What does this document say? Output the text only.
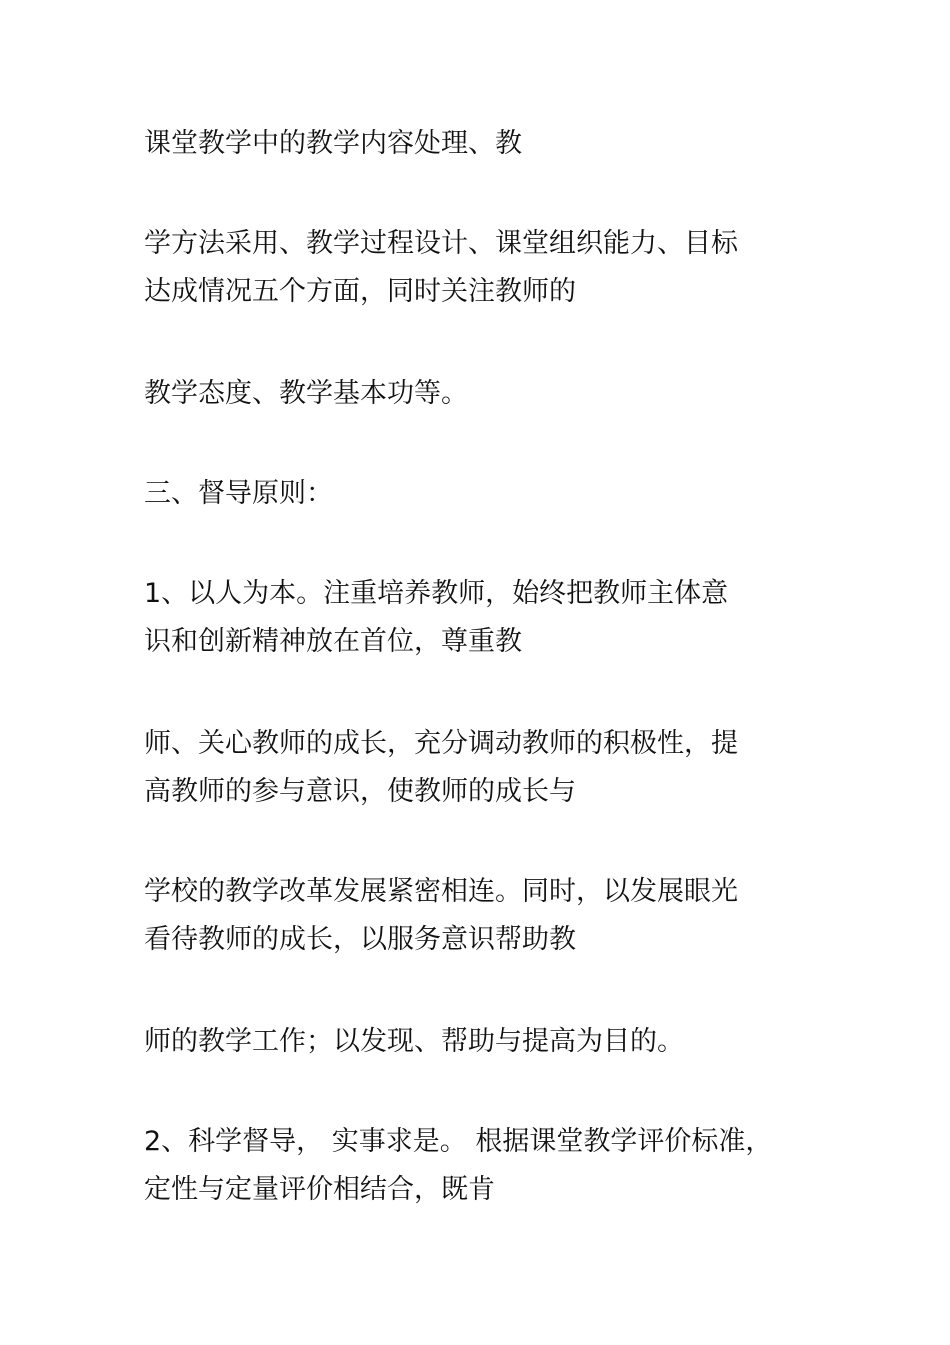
课堂教学中的教学内容处理、教
学方法采用、教学过程设计、课堂组织能力、目标
达成情况五个方面，同时关注教师的
教学态度、教学基本功等。
三、督导原则：
1、以人为本。注重培养教师，始终把教师主体意
识和创新精神放在首位，尊重教
师、关心教师的成长，充分调动教师的积极性，提
高教师的参与意识，使教师的成长与
学校的教学改革发展紧密相连。同时，以发展眼光
看待教师的成长，以服务意识帮助教
师的教学工作；以发现、帮助与提高为目的。
2、科学督导， 实事求是。 根据课堂教学评价标准，
定性与定量评价相结合，既肯
